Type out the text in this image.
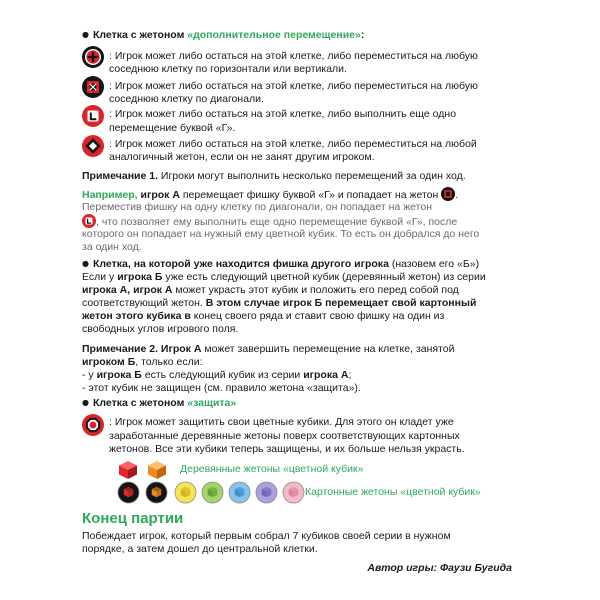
● Клетка с жетоном «дополнительное перемещение»:
: Игрок может либо остаться на этой клетке, либо переместиться на любую
соседнюю клетку по горизонтали или вертикали.
: Игрок может либо остаться на этой клетке, либо переместиться на любую
соседнюю клетку по диагонали.
: Игрок может либо остаться на этой клетке, либо выполнить еще одно
перемещение буквой «Г».
: Игрок может либо остаться на этой клетке, либо переместиться на любой
аналогичный жетон, если он не занят другим игроком.
Примечание 1. Игроки могут выполнить несколько перемещений за один ход.
Например, игрок А перемещает фишку буквой «Г» и попадает на жетон .
Переместив фишку на одну клетку по диагонали, он попадает на жетон
, что позволяет ему выполнить еще одно перемещение буквой «Г», после
которого он попадает на нужный ему цветной кубик. То есть он добрался до него
за один ход.
● Клетка, на которой уже находится фишка другого игрока (назовем его «Б»)
Если у игрока Б уже есть следующий цветной кубик (деревянный жетон) из серии
игрока А, игрок А может украсть этот кубик и положить его перед собой под
соответствующий жетон. В этом случае игрок Б перемещает свой картонный
жетон этого кубика в конец своего ряда и ставит свою фишку на один из
свободных углов игрового поля.
Примечание 2. Игрок А может завершить перемещение на клетке, занятой
игроком Б, только если:
- у игрока Б есть следующий кубик из серии игрока А;
- этот кубик не защищен (см. правило жетона «защита»).
● Клетка с жетоном «защита»
: Игрок может защитить свои цветные кубики. Для этого он кладет уже
заработанные деревянные жетоны поверх соответствующих картонных
жетонов. Все эти кубики теперь защищены, и их больше нельзя украсть.
Деревянные жетоны «цветной кубик»
Картонные жетоны «цветной кубик»
Конец партии
Побеждает игрок, который первым собрал 7 кубиков своей серии в нужном
порядке, а затем дошел до центральной клетки.
Автор игры: Фаузи Бугида
